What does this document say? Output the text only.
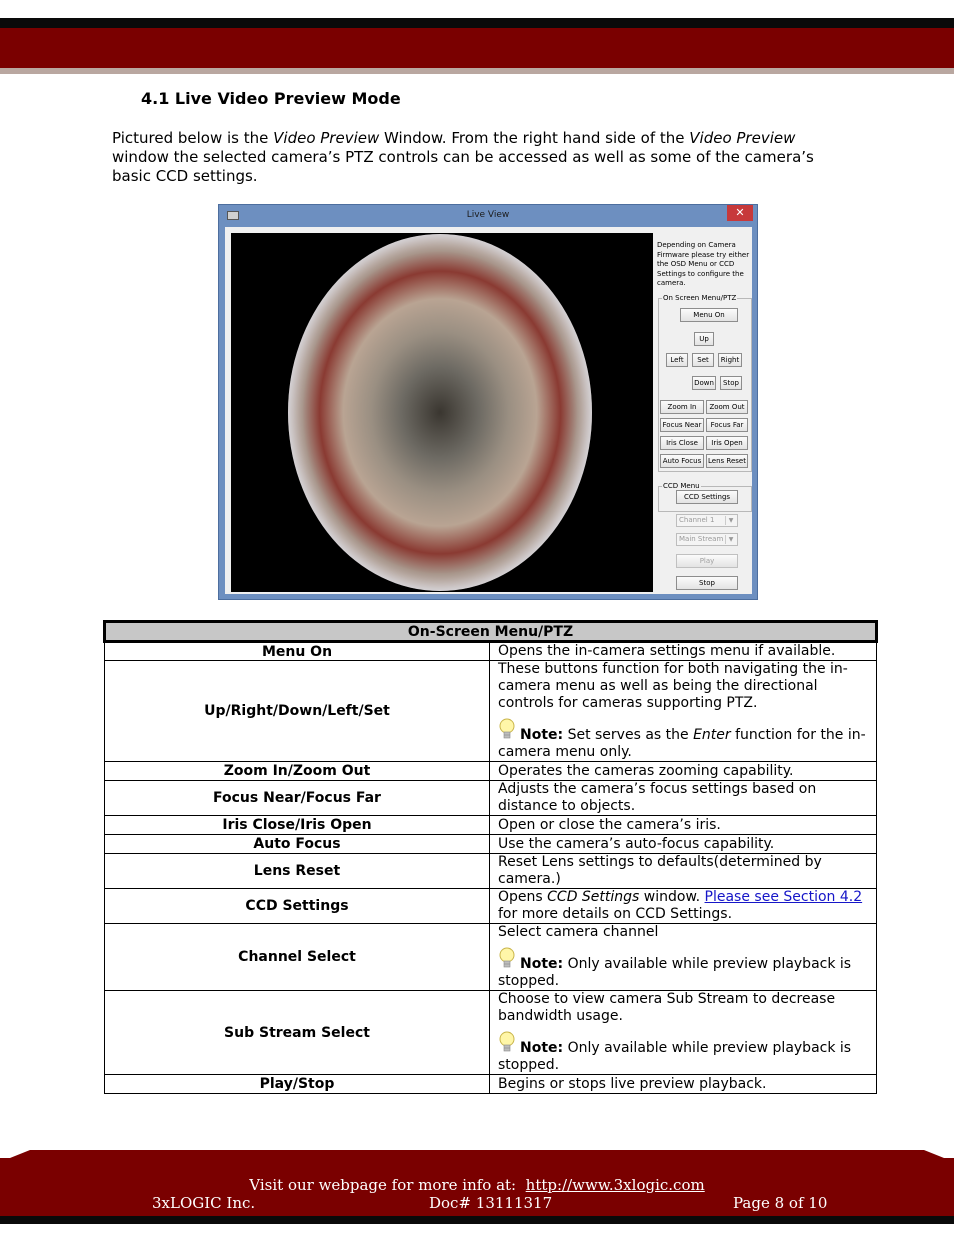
4.1 Live Video Preview Mode
Pictured below is the Video Preview Window. From the right hand side of the Video Preview window the selected camera’s PTZ controls can be accessed as well as some of the camera’s basic CCD settings.
Live View	✕
Depending on Camera Firmware please try either the OSD Menu or CCD Settings to configure the camera.
On Screen Menu/PTZ
Menu On
Up
Left	Set	Right
Down	Stop
Zoom In	Zoom Out
Focus Near	Focus Far
Iris Close	Iris Open
Auto Focus Lens Reset
CCD Menu
CCD Settings
Channel 1	▼
Main Stream ▼
Play
Stop
On-Screen Menu/PTZ	
Menu On	Opens the in-camera settings menu if available.
Up/Right/Down/Left/Set	These buttons function for both navigating the in-camera menu as well as being the directional controls for cameras supporting PTZ.
Note: Set serves as the Enter function for the in-camera menu only.

Zoom In/Zoom Out	Operates the cameras zooming capability.
Focus Near/Focus Far	Adjusts the camera’s focus settings based on distance to objects.
Iris Close/Iris Open	Open or close the camera’s iris.
Auto Focus	Use the camera’s auto-focus capability.
Lens Reset	Reset Lens settings to defaults(determined by camera.)
CCD Settings	Opens CCD Settings window. Please see Section 4.2 for more details on CCD Settings.
Channel Select	Select camera channel
Note: Only available while preview playback is stopped.

Sub Stream Select	Choose to view camera Sub Stream to decrease bandwidth usage.
Note: Only available while preview playback is stopped.

Play/Stop	Begins or stops live preview playback.
Visit our webpage for more info at: http://www.3xlogic.com
3xLOGIC Inc.	Doc# 13111317	Page 8 of 10
